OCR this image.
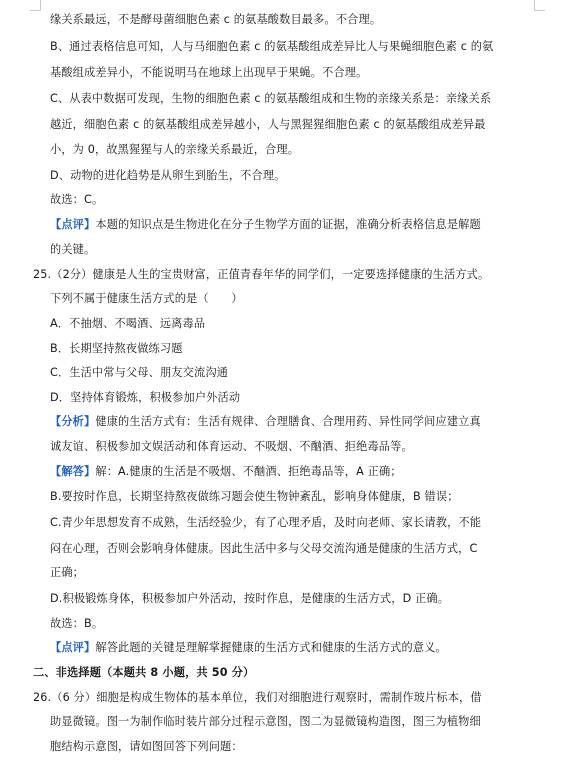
缘关系最远，不是酵母菌细胞色素 c 的氨基酸数目最多。不合理。
B、通过表格信息可知，人与马细胞色素 c 的氨基酸组成差异比人与果蝇细胞色素 c 的氨
基酸组成差异小，不能说明马在地球上出现早于果蝇。不合理。
C、从表中数据可发现，生物的细胞色素 c 的氨基酸组成和生物的亲缘关系是：亲缘关系
越近，细胞色素 c 的氨基酸组成差异越小，人与黑猩猩细胞色素 c 的氨基酸组成差异最
小，为 0，故黑猩猩与人的亲缘关系最近，合理。
D、动物的进化趋势是从卵生到胎生，不合理。
故选：C。
【点评】本题的知识点是生物进化在分子生物学方面的证据，准确分析表格信息是解题
的关键。
25.（2分）健康是人生的宝贵财富，正值青春年华的同学们，一定要选择健康的生活方式。
下列不属于健康生活方式的是（　　）
A．不抽烟、不喝酒、远离毒品
B．长期坚持熬夜做练习题
C．生活中常与父母、朋友交流沟通
D．坚持体育锻炼，积极参加户外活动
【分析】健康的生活方式有：生活有规律、合理膳食、合理用药、异性同学间应建立真
诚友谊、积极参加文娱活动和体育运动、不吸烟、不酗酒、拒绝毒品等。
【解答】解：A.健康的生活是不吸烟、不酗酒、拒绝毒品等，A 正确；
B.要按时作息，长期坚持熬夜做练习题会使生物钟紊乱，影响身体健康，B 错误；
C.青少年思想发育不成熟，生活经验少，有了心理矛盾，及时向老师、家长请教，不能
闷在心理，否则会影响身体健康。因此生活中多与父母交流沟通是健康的生活方式，C
正确；
D.积极锻炼身体，积极参加户外活动，按时作息，是健康的生活方式，D 正确。
故选：B。
【点评】解答此题的关键是理解掌握健康的生活方式和健康的生活方式的意义。
二、非选择题（本题共 8 小题，共 50 分）
26.（6 分）细胞是构成生物体的基本单位，我们对细胞进行观察时，需制作玻片标本，借
助显微镜。图一为制作临时装片部分过程示意图，图二为显微镜构造图，图三为植物细
胞结构示意图，请如图回答下列问题：
